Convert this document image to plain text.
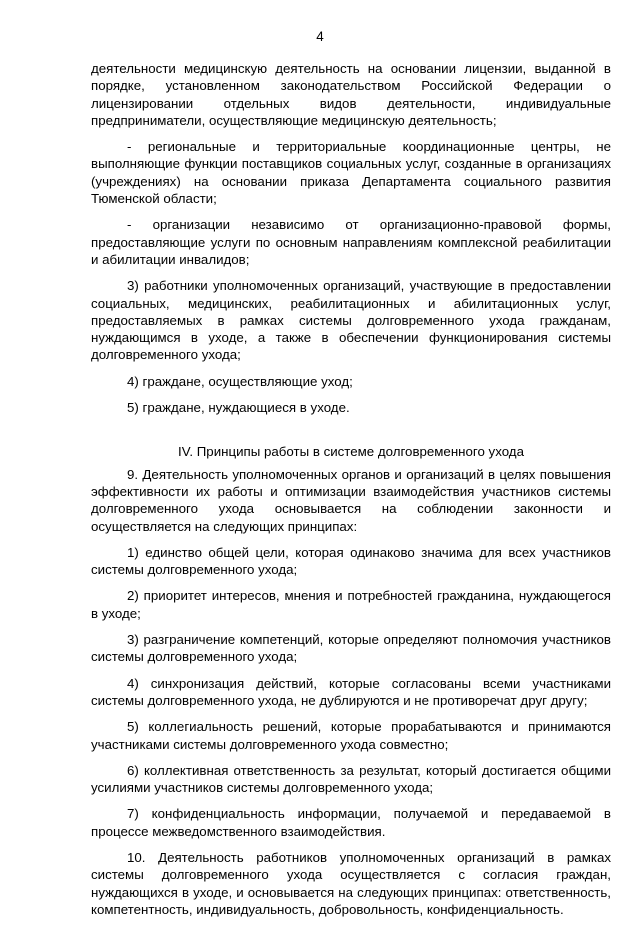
4

деятельности медицинскую деятельность на основании лицензии, выданной в порядке, установленном законодательством Российской Федерации о лицензировании отдельных видов деятельности, индивидуальные предприниматели, осуществляющие медицинскую деятельность;

- региональные и территориальные координационные центры, не выполняющие функции поставщиков социальных услуг, созданные в организациях (учреждениях) на основании приказа Департамента социального развития Тюменской области;

- организации независимо от организационно-правовой формы, предоставляющие услуги по основным направлениям комплексной реабилитации и абилитации инвалидов;

3) работники уполномоченных организаций, участвующие в предоставлении социальных, медицинских, реабилитационных и абилитационных услуг, предоставляемых в рамках системы долговременного ухода гражданам, нуждающимся в уходе, а также в обеспечении функционирования системы долговременного ухода;

4) граждане, осуществляющие уход;

5) граждане, нуждающиеся в уходе.

IV. Принципы работы в системе долговременного ухода

9. Деятельность уполномоченных органов и организаций в целях повышения эффективности их работы и оптимизации взаимодействия участников системы долговременного ухода основывается на соблюдении законности и осуществляется на следующих принципах:

1) единство общей цели, которая одинаково значима для всех участников системы долговременного ухода;

2) приоритет интересов, мнения и потребностей гражданина, нуждающегося в уходе;

3) разграничение компетенций, которые определяют полномочия участников системы долговременного ухода;

4) синхронизация действий, которые согласованы всеми участниками системы долговременного ухода, не дублируются и не противоречат друг другу;

5) коллегиальность решений, которые прорабатываются и принимаются участниками системы долговременного ухода совместно;

6) коллективная ответственность за результат, который достигается общими усилиями участников системы долговременного ухода;

7) конфиденциальность информации, получаемой и передаваемой в процессе межведомственного взаимодействия.

10. Деятельность работников уполномоченных организаций в рамках системы долговременного ухода осуществляется с согласия граждан, нуждающихся в уходе, и основывается на следующих принципах: ответственность, компетентность, индивидуальность, добровольность, конфиденциальность.
